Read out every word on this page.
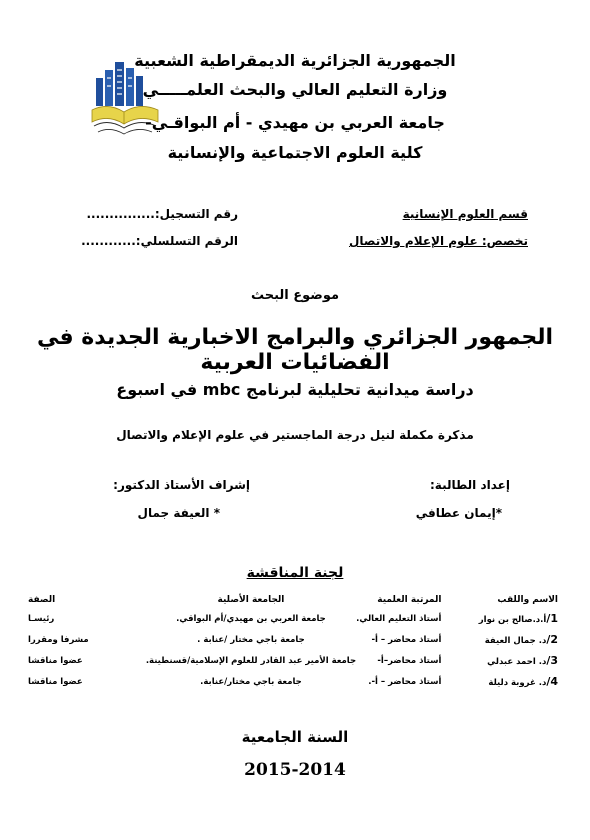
الجمهورية الجزائرية الديمقراطية الشعبية
وزارة التعليم العالي والبحث العلمـــــي
جامعة العربي بن مهيدي - أم البواقـي-
كلية العلوم الاجتماعية والإنسانية
قسم العلوم الإنسانية
رقم التسجيل:...............
تخصص: علوم الإعلام والاتصال
الرقم التسلسلي:............
موضوع البحث
الجمهور الجزائري والبرامج الاخبارية الجديدة في الفضائيات العربية
دراسة ميدانية تحليلية لبرنامج mbc في اسبوع
مذكرة مكملة لنيل درجة الماجستير في علوم الإعلام والاتصال
إعداد الطالبة:
إشراف الأستاذ الدكتور:
*إيمان عطافي
* العيفة جمال
لجنة المناقشة
الاسم واللقب	المرتبة العلمية	الجامعة الأصلية	الصفة
1/أ.د.صالح بن نوار	أستاذ التعليم العالي.	جامعة العربي بن مهيدي/أم البواقي.	رئيسـا
2/د. جمال العيفة	أستاذ محاضر – أ-	جامعة باجي مختار /عنابة .	مشرفا ومقررا
3/د. احمد عبدلي	أستاذ محاضر–أ-	جامعة الأمير عبد القادر للعلوم الإسلامية/قسنطينة.	عضوا مناقشا
4/د. غروبة دليلة	أستاذ محاضر – أ-.	جامعة باجي مختار/عنابة.	عضوا مناقشا
السنة الجامعية
2015-2014
